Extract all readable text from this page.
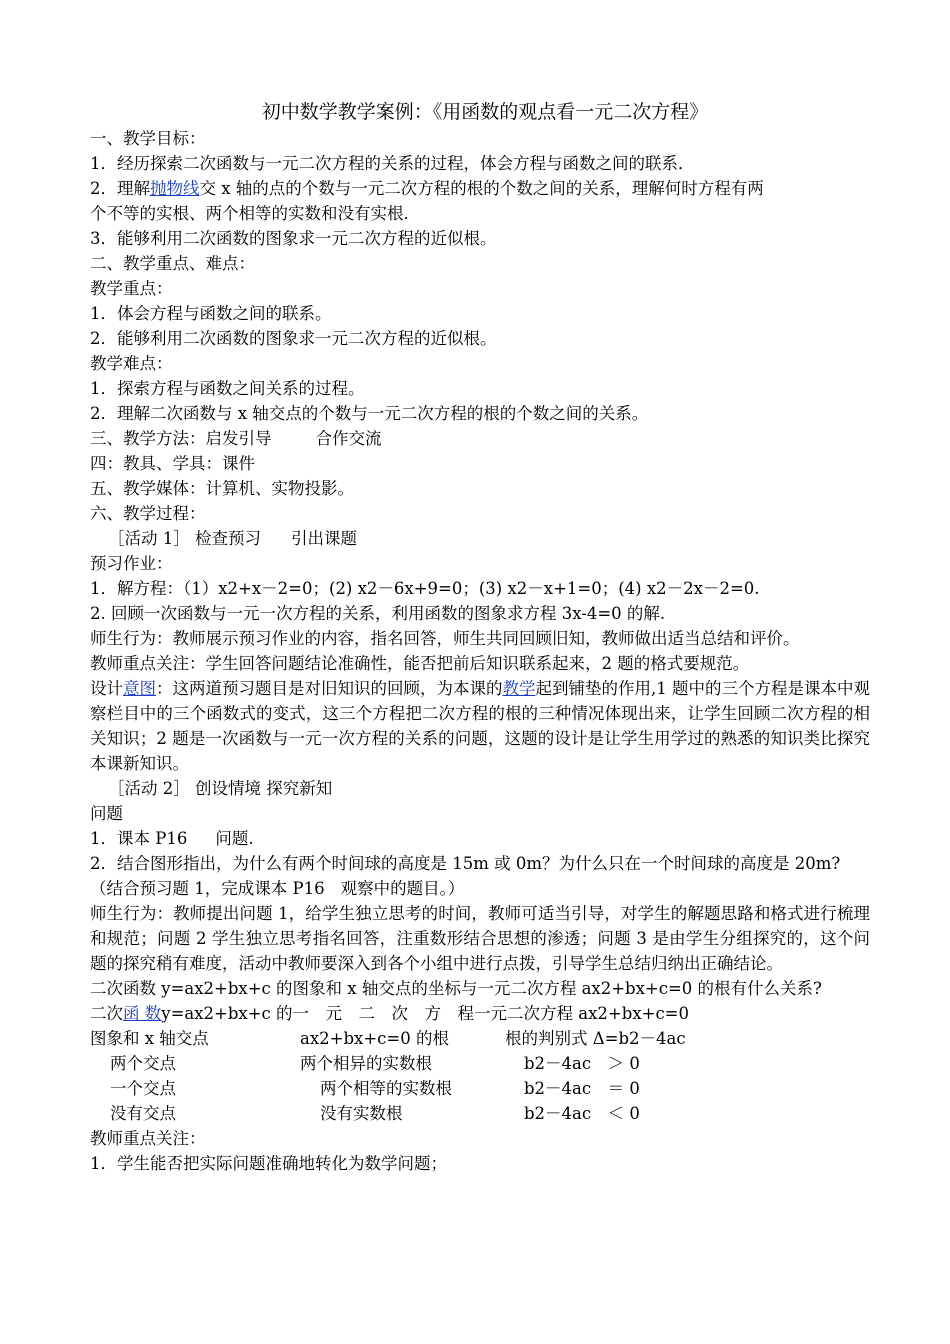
初中数学教学案例：《用函数的观点看一元二次方程》

一、教学目标：

1．经历探索二次函数与一元二次方程的关系的过程，体会方程与函数之间的联系．

2．理解抛物线交 x 轴的点的个数与一元二次方程的根的个数之间的关系，理解何时方程有两

个不等的实根、两个相等的实数和没有实根．

3．能够利用二次函数的图象求一元二次方程的近似根。

二、教学重点、难点：

教学重点：

1．体会方程与函数之间的联系。

2．能够利用二次函数的图象求一元二次方程的近似根。

教学难点：

1．探索方程与函数之间关系的过程。

2．理解二次函数与 x 轴交点的个数与一元二次方程的根的个数之间的关系。

三、教学方法：启发引导	合作交流

四：教具、学具：课件

五、教学媒体：计算机、实物投影。

六、教学过程：

［活动 1］ 检查预习 引出课题

预习作业：

1．解方程：（1）x2+x－2=0；(2) x2－6x+9=0；(3) x2－x+1=0；(4) x2－2x－2=0.

2. 回顾一次函数与一元一次方程的关系，利用函数的图象求方程 3x-4=0 的解.

师生行为：教师展示预习作业的内容，指名回答，师生共同回顾旧知，教师做出适当总结和评价。

教师重点关注：学生回答问题结论准确性，能否把前后知识联系起来，2 题的格式要规范。

设计意图：这两道预习题目是对旧知识的回顾，为本课的教学起到铺垫的作用,1 题中的三个方程是课本中观察栏目中的三个函数式的变式，这三个方程把二次方程的根的三种情况体现出来，让学生回顾二次方程的相关知识；2 题是一次函数与一元一次方程的关系的问题，这题的设计是让学生用学过的熟悉的知识类比探究本课新知识。

［活动 2］ 创设情境 探究新知

问题

1．课本 P16 问题.

2．结合图形指出，为什么有两个时间球的高度是 15m 或 0m？为什么只在一个时间球的高度是 20m?

（结合预习题 1，完成课本 P16 观察中的题目。）

师生行为：教师提出问题 1，给学生独立思考的时间，教师可适当引导，对学生的解题思路和格式进行梳理和规范；问题 2 学生独立思考指名回答，注重数形结合思想的渗透；问题 3 是由学生分组探究的，这个问题的探究稍有难度，活动中教师要深入到各个小组中进行点拨，引导学生总结归纳出正确结论。

二次函数 y=ax2+bx+c 的图象和 x 轴交点的坐标与一元二次方程 ax2+bx+c=0 的根有什么关系?

二次函 数y=ax2+bx+c 的一　元　二　次　方　程一元二次方程 ax2+bx+c=0

图象和 x 轴交点	ax2+bx+c=0 的根	根的判别式 Δ=b2－4ac
两个交点	两个相异的实数根	b2－4ac　＞ 0
一个交点	两个相等的实数根	b2－4ac　＝ 0
没有交点	没有实数根	b2－4ac　＜ 0

教师重点关注：

1．学生能否把实际问题准确地转化为数学问题；
